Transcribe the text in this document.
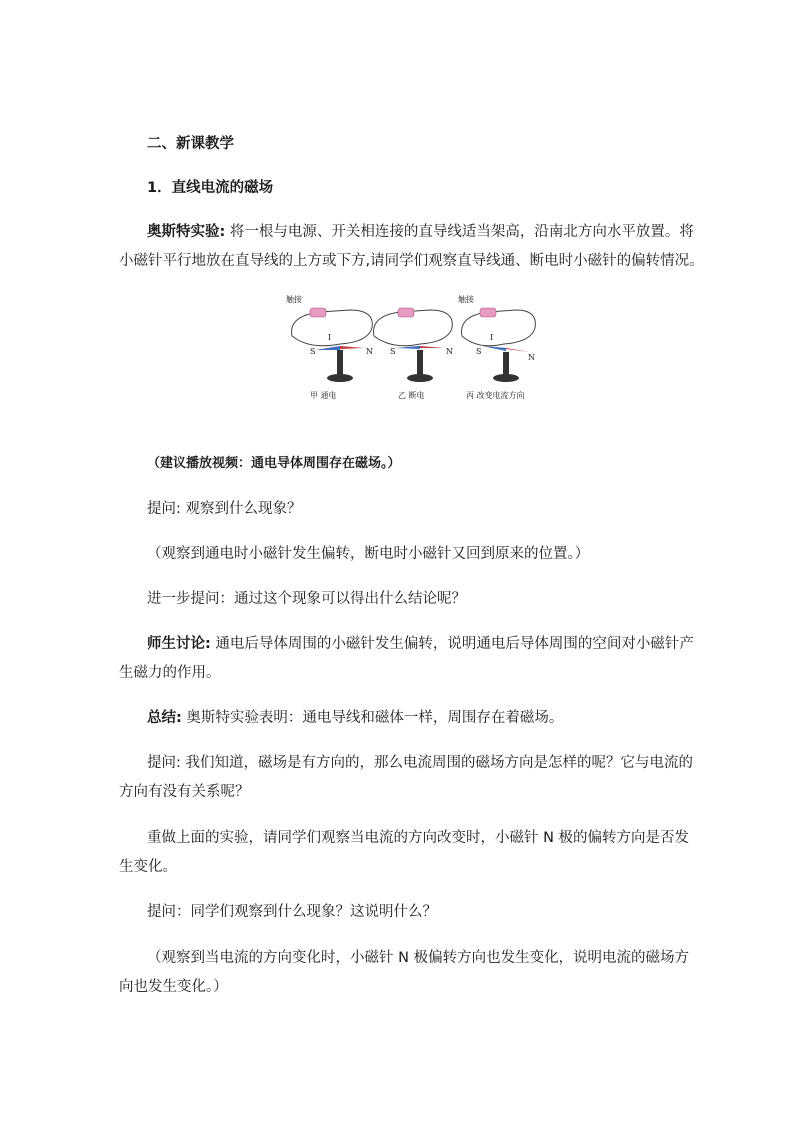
二、新课教学
1．直线电流的磁场
奥斯特实验: 将一根与电源、开关相连接的直导线适当架高，沿南北方向水平放置。将
小磁针平行地放在直导线的上方或下方,请同学们观察直导线通、断电时小磁针的偏转情况。
触接
I
S	N
甲 通电
S	N
乙 断电
触接
I
S
N
丙 改变电流方向
（建议播放视频：通电导体周围存在磁场。）
提问: 观察到什么现象？
（观察到通电时小磁针发生偏转，断电时小磁针又回到原来的位置。）
进一步提问：通过这个现象可以得出什么结论呢？
师生讨论: 通电后导体周围的小磁针发生偏转，说明通电后导体周围的空间对小磁针产
生磁力的作用。
总结: 奥斯特实验表明：通电导线和磁体一样，周围存在着磁场。
提问: 我们知道，磁场是有方向的，那么电流周围的磁场方向是怎样的呢？它与电流的
方向有没有关系呢？
重做上面的实验，请同学们观察当电流的方向改变时，小磁针 N 极的偏转方向是否发
生变化。
提问：同学们观察到什么现象？这说明什么？
（观察到当电流的方向变化时，小磁针 N 极偏转方向也发生变化，说明电流的磁场方
向也发生变化。）
